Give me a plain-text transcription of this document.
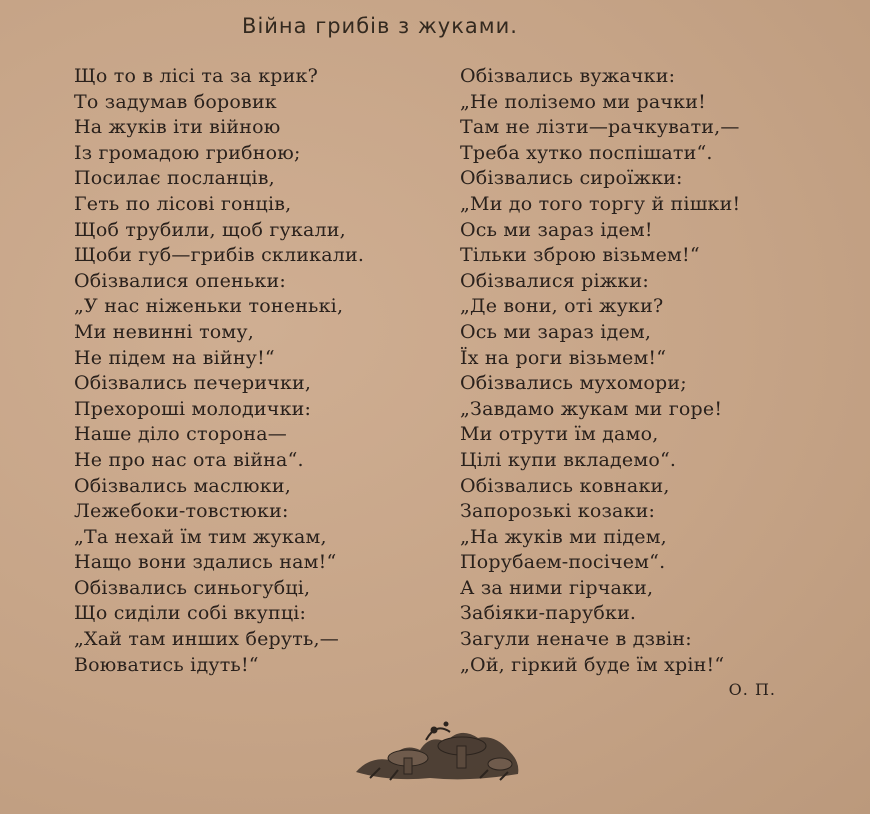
Війна грибів з жуками.
Що то в лісі та за крик?
То задумав боровик
На жуків іти війною
Із громадою грибною;
Посилає посланців,
Геть по лісові гонців,
Щоб трубили, щоб гукали,
Щоби губ—грибів скликали.
Обізвалися опеньки:
„У нас ніженьки тоненькі,
Ми невинні тому,
Не підем на війну!“
Обізвались печерички,
Прехороші молодички:
Наше діло сторона—
Не про нас ота війна“.
Обізвались маслюки,
Лежебоки-товстюки:
„Та нехай їм тим жукам,
Нащо вони здались нам!“
Обізвались синьогубці,
Що сиділи собі вкупці:
„Хай там инших беруть,—
Воюватись ідуть!“
Обізвались вужачки:
„Не поліземо ми рачки!
Там не лізти—рачкувати,—
Треба хутко поспішати“.
Обізвались сироїжки:
„Ми до того торгу й пішки!
Ось ми зараз ідем!
Тільки зброю візьмем!“
Обізвалися ріжки:
„Де вони, оті жуки?
Ось ми зараз ідем,
Їх на роги візьмем!“
Обізвались мухомори;
„Завдамо жукам ми горе!
Ми отрути їм дамо,
Цілі купи вкладемо“.
Обізвались ковнаки,
Запорозькі козаки:
„На жуків ми підем,
Порубаем-посічем“.
А за ними гірчаки,
Забіяки-парубки.
Загули неначе в дзвін:
„Ой, гіркий буде їм хрін!“
О. П.
